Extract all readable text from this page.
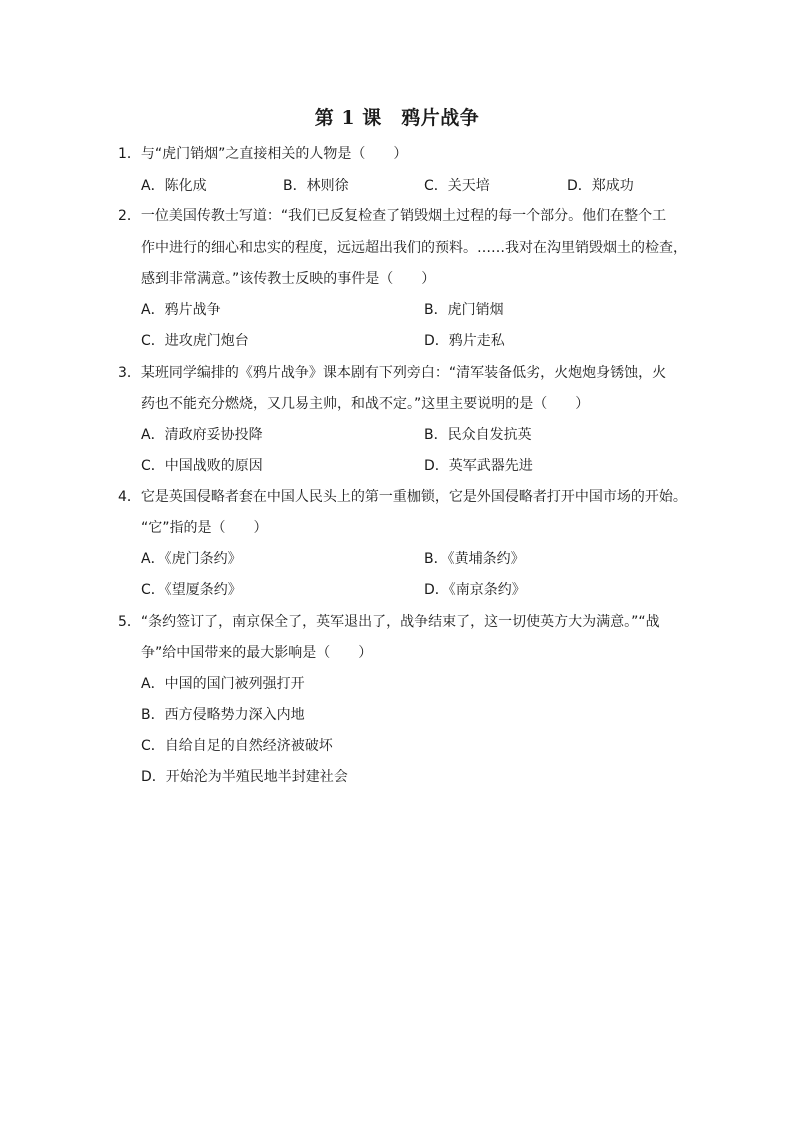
第 1 课　鸦片战争
1．与“虎门销烟”之直接相关的人物是（　　）
A．陈化成	B．林则徐	C．关天培	D．郑成功
2．一位美国传教士写道：“我们已反复检查了销毁烟土过程的每一个部分。他们在整个工
作中进行的细心和忠实的程度，远远超出我们的预料。……我对在沟里销毁烟土的检查，
感到非常满意。”该传教士反映的事件是（　　）
A．鸦片战争	B．虎门销烟
C．进攻虎门炮台	D．鸦片走私
3．某班同学编排的《鸦片战争》课本剧有下列旁白：“清军装备低劣，火炮炮身锈蚀，火
药也不能充分燃烧，又几易主帅，和战不定。”这里主要说明的是（　　）
A．清政府妥协投降	B．民众自发抗英
C．中国战败的原因	D．英军武器先进
4．它是英国侵略者套在中国人民头上的第一重枷锁，它是外国侵略者打开中国市场的开始。
“它”指的是（　　）
A．《虎门条约》	B．《黄埔条约》
C．《望厦条约》	D．《南京条约》
5．“条约签订了，南京保全了，英军退出了，战争结束了，这一切使英方大为满意。”“战
争”给中国带来的最大影响是（　　）
A．中国的国门被列强打开
B．西方侵略势力深入内地
C．自给自足的自然经济被破坏
D．开始沦为半殖民地半封建社会
